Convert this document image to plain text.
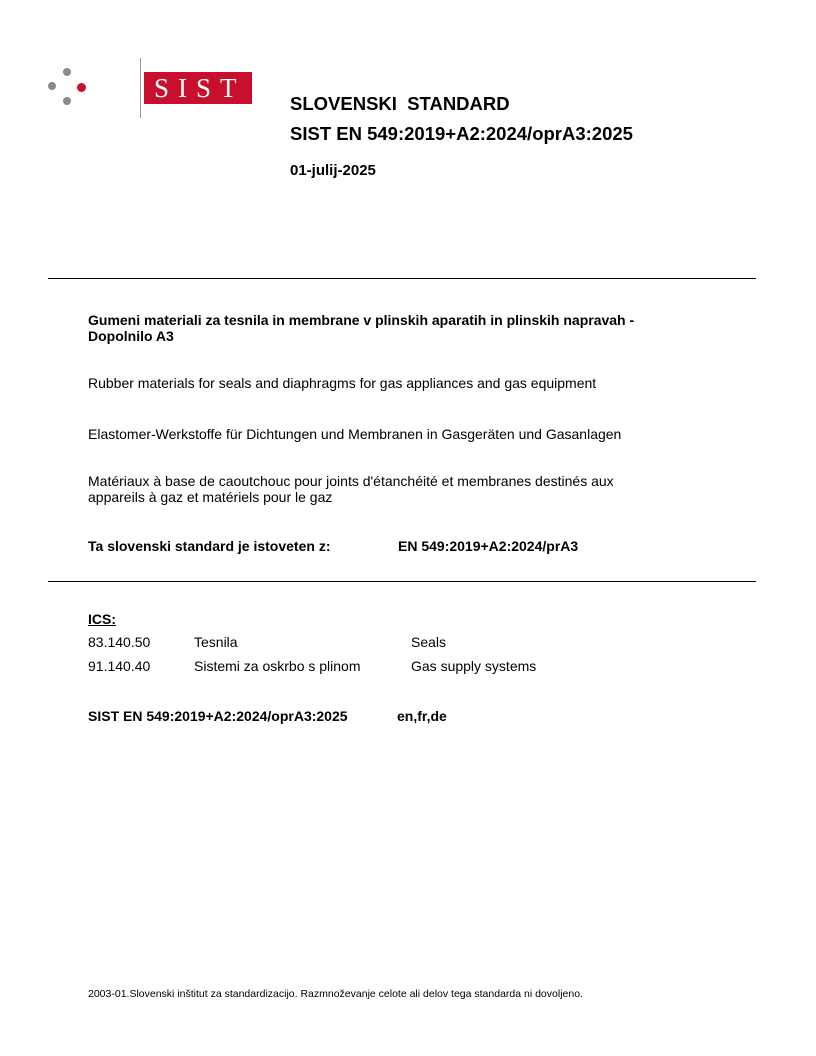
SIST
SLOVENSKI  STANDARD
SIST EN 549:2019+A2:2024/oprA3:2025
01-julij-2025
Gumeni materiali za tesnila in membrane v plinskih aparatih in plinskih napravah -
Dopolnilo A3
Rubber materials for seals and diaphragms for gas appliances and gas equipment
Elastomer-Werkstoffe für Dichtungen und Membranen in Gasgeräten und Gasanlagen
Matériaux à base de caoutchouc pour joints d'étanchéité et membranes destinés aux
appareils à gaz et matériels pour le gaz
Ta slovenski standard je istoveten z:	EN 549:2019+A2:2024/prA3
ICS:
83.140.50	Tesnila	Seals
91.140.40	Sistemi za oskrbo s plinom	Gas supply systems
SIST EN 549:2019+A2:2024/oprA3:2025	en,fr,de
2003-01.Slovenski inštitut za standardizacijo. Razmnoževanje celote ali delov tega standarda ni dovoljeno.
